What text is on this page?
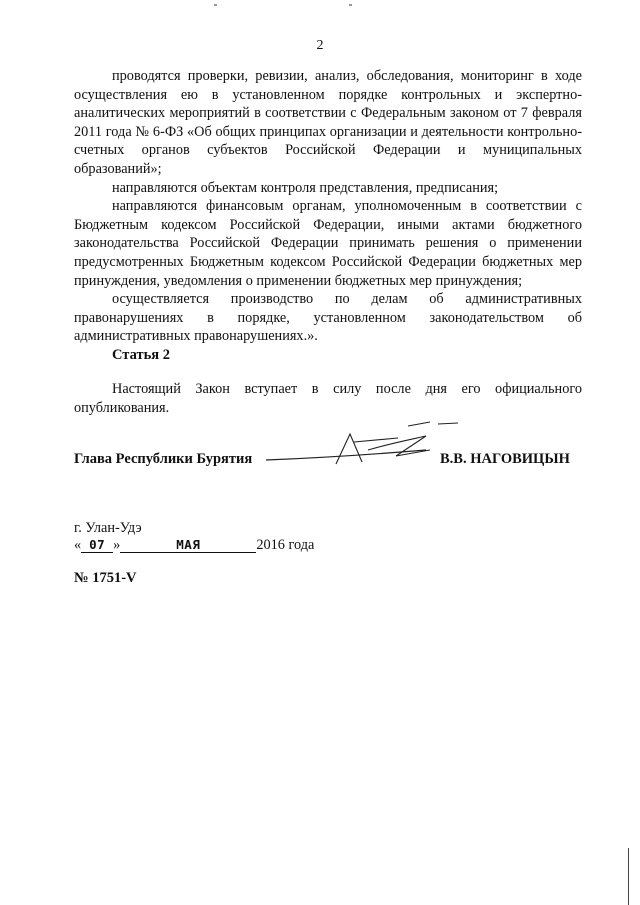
2

проводятся проверки, ревизии, анализ, обследования, мониторинг в ходе осуществления ею в установленном порядке контрольных и экспертно-аналитических мероприятий в соответствии с Федеральным законом от 7 февраля 2011 года № 6-ФЗ «Об общих принципах организации и деятельности контрольно-счетных органов субъектов Российской Федерации и муниципальных образований»;

направляются объектам контроля представления, предписания;

направляются финансовым органам, уполномоченным в соответствии с Бюджетным кодексом Российской Федерации, иными актами бюджетного законодательства Российской Федерации принимать решения о применении предусмотренных Бюджетным кодексом Российской Федерации бюджетных мер принуждения, уведомления о применении бюджетных мер принуждения;

осуществляется производство по делам об административных правонарушениях в порядке, установленном законодательством об административных правонарушениях.».

Статья 2

Настоящий Закон вступает в силу после дня его официального опубликования.

Глава Республики Бурятия	В.В. НАГОВИЦЫН
г. Улан-Удэ
« 07 »	МАЯ	2016 года
№ 1751-V
